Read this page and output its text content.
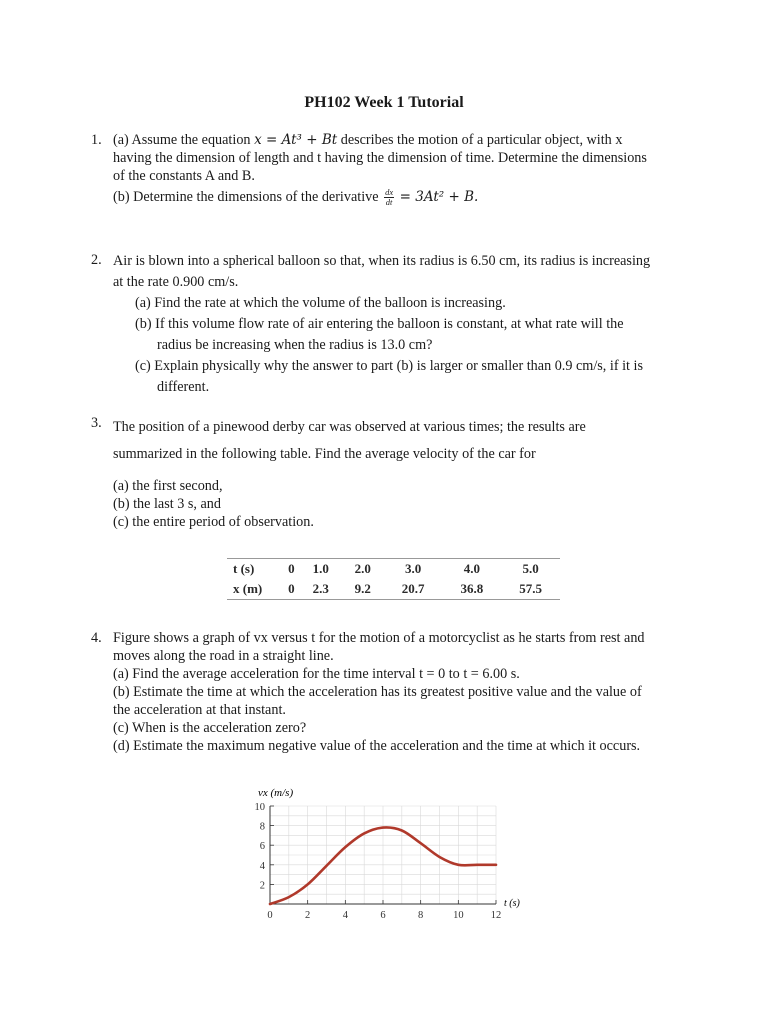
PH102 Week 1 Tutorial
1. (a) Assume the equation x = At³ + Bt describes the motion of a particular object, with x
having the dimension of length and t having the dimension of time. Determine the dimensions
of the constants A and B.
(b) Determine the dimensions of the derivative $\frac{dx}{dt} = 3At^2 + B$.
2. Air is blown into a spherical balloon so that, when its radius is 6.50 cm, its radius is increasing
at the rate 0.900 cm/s.
(a) Find the rate at which the volume of the balloon is increasing.
(b) If this volume flow rate of air entering the balloon is constant, at what rate will the
radius be increasing when the radius is 13.0 cm?
(c) Explain physically why the answer to part (b) is larger or smaller than 0.9 cm/s, if it is
different.
3. The position of a pinewood derby car was observed at various times; the results are
summarized in the following table. Find the average velocity of the car for
(a) the first second,
(b) the last 3 s, and
(c) the entire period of observation.
t (s)	0	1.0	2.0	3.0	4.0	5.0
x (m)	0	2.3	9.2	20.7	36.8	57.5
4. Figure shows a graph of vx versus t for the motion of a motorcyclist as he starts from rest and
moves along the road in a straight line.
(a) Find the average acceleration for the time interval t = 0 to t = 6.00 s.
(b) Estimate the time at which the acceleration has its greatest positive value and the value of
the acceleration at that instant.
(c) When is the acceleration zero?
(d) Estimate the maximum negative value of the acceleration and the time at which it occurs.
0	2	4	6	8	10	12
2
4
6
8
10
vx (m/s)
t (s)
